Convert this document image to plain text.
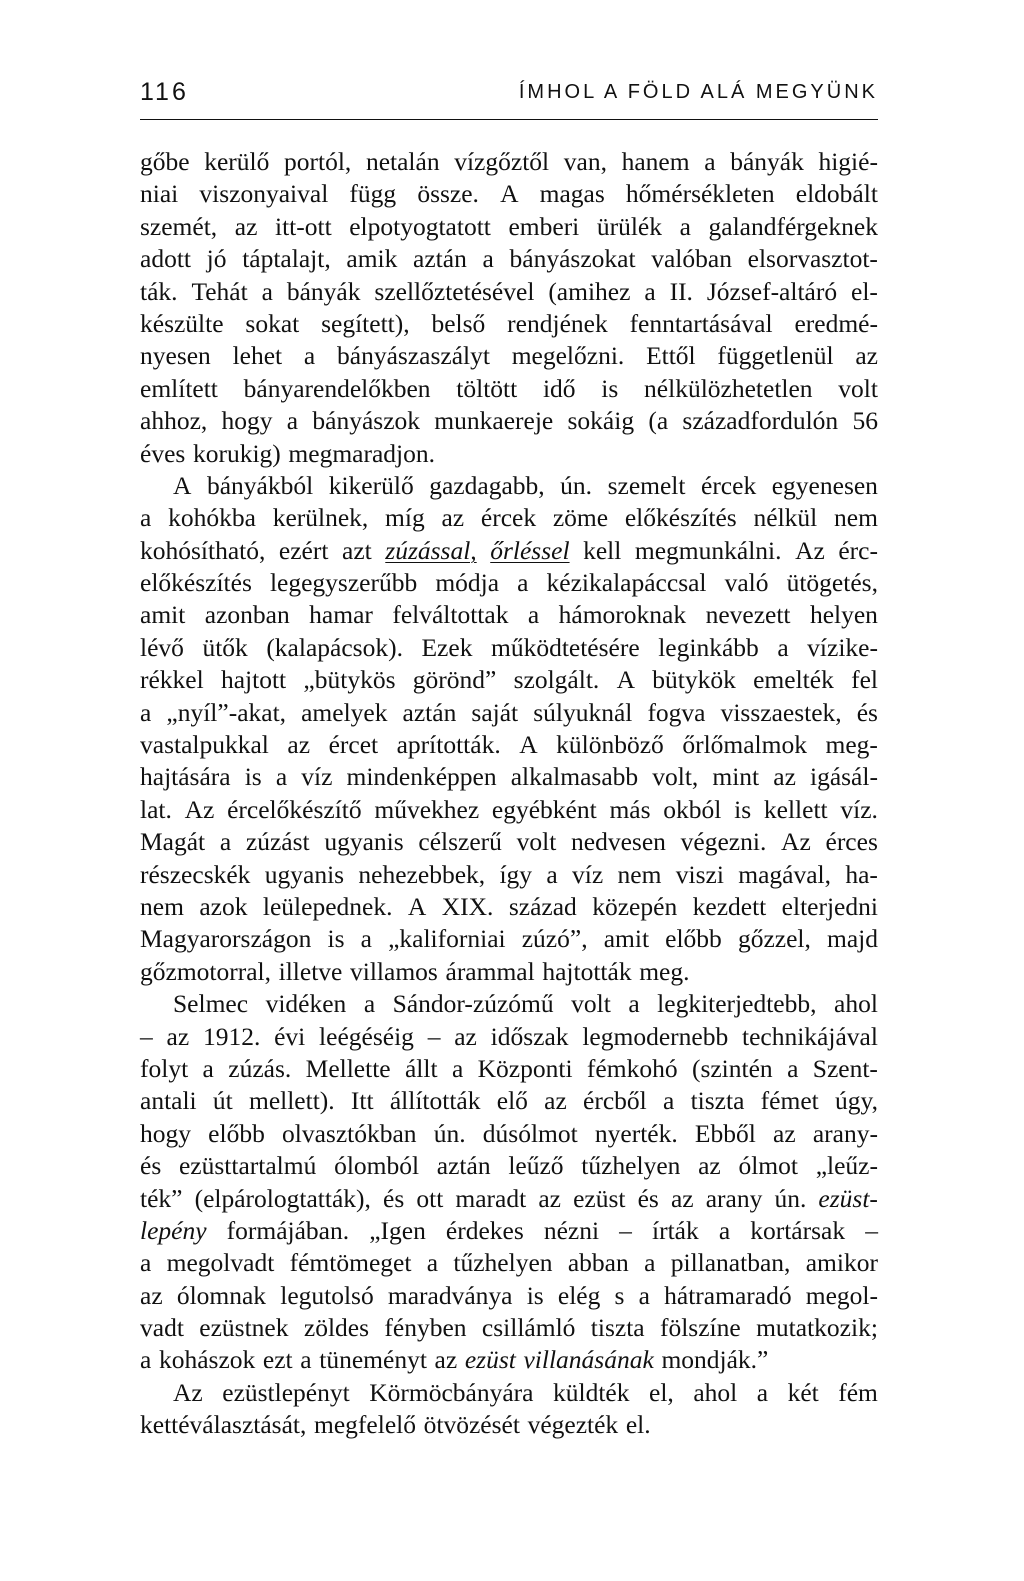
116	ÍMHOL A FÖLD ALÁ MEGYÜNK
gőbe kerülő portól, netalán vízgőztől van, hanem a bányák higié-
niai viszonyaival függ össze. A magas hőmérsékleten eldobált
szemét, az itt-ott elpotyogtatott emberi ürülék a galandférgeknek
adott jó táptalajt, amik aztán a bányászokat valóban elsorvasztot-
ták. Tehát a bányák szellőztetésével (amihez a II. József-altáró el-
készülte sokat segített), belső rendjének fenntartásával eredmé-
nyesen lehet a bányászaszályt megelőzni. Ettől függetlenül az
említett bányarendelőkben töltött idő is nélkülözhetetlen volt
ahhoz, hogy a bányászok munkaereje sokáig (a századfordulón 56
éves korukig) megmaradjon.
A bányákból kikerülő gazdagabb, ún. szemelt ércek egyenesen
a kohókba kerülnek, míg az ércek zöme előkészítés nélkül nem
kohósítható, ezért azt zúzással, őrléssel kell megmunkálni. Az érc-
előkészítés legegyszerűbb módja a kézikalapáccsal való ütögetés,
amit azonban hamar felváltottak a hámoroknak nevezett helyen
lévő ütők (kalapácsok). Ezek működtetésére leginkább a vízike-
rékkel hajtott „bütykös göröndˮ szolgált. A bütykök emelték fel
a „nyílˮ-akat, amelyek aztán saját súlyuknál fogva visszaestek, és
vastalpukkal az ércet aprították. A különböző őrlőmalmok meg-
hajtására is a víz mindenképpen alkalmasabb volt, mint az igásál-
lat. Az ércelőkészítő művekhez egyébként más okból is kellett víz.
Magát a zúzást ugyanis célszerű volt nedvesen végezni. Az érces
részecskék ugyanis nehezebbek, így a víz nem viszi magával, ha-
nem azok leülepednek. A XIX. század közepén kezdett elterjedni
Magyarországon is a „kaliforniai zúzóˮ, amit előbb gőzzel, majd
gőzmotorral, illetve villamos árammal hajtották meg.
Selmec vidéken a Sándor-zúzómű volt a legkiterjedtebb, ahol
– az 1912. évi leégéséig – az időszak legmodernebb technikájával
folyt a zúzás. Mellette állt a Központi fémkohó (szintén a Szent-
antali út mellett). Itt állították elő az ércből a tiszta fémet úgy,
hogy előbb olvasztókban ún. dúsólmot nyerték. Ebből az arany-
és ezüsttartalmú ólomból aztán leűző tűzhelyen az ólmot „leűz-
tékˮ (elpárologtatták), és ott maradt az ezüst és az arany ún. ezüst-
lepény formájában. „Igen érdekes nézni – írták a kortársak –
a megolvadt fémtömeget a tűzhelyen abban a pillanatban, amikor
az ólomnak legutolsó maradványa is elég s a hátramaradó megol-
vadt ezüstnek zöldes fényben csillámló tiszta fölszíne mutatkozik;
a kohászok ezt a tüneményt az ezüst villanásának mondják.ˮ
Az ezüstlepényt Körmöcbányára küldték el, ahol a két fém
kettéválasztását, megfelelő ötvözését végezték el.
